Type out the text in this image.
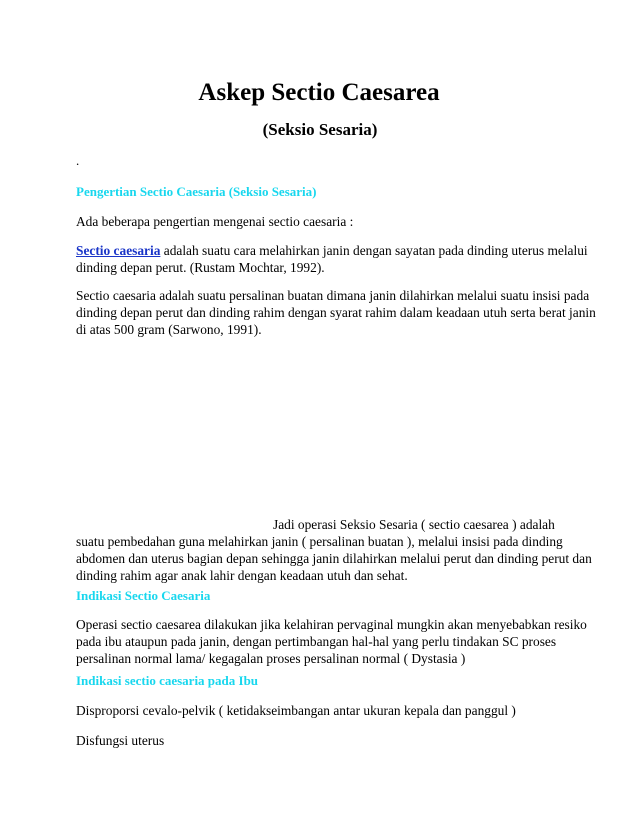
Askep Sectio Caesarea
(Seksio Sesaria)
.
Pengertian Sectio Caesaria (Seksio Sesaria)
Ada beberapa pengertian mengenai sectio caesaria :
Sectio caesaria adalah suatu cara melahirkan janin dengan sayatan pada dinding uterus melalui
dinding depan perut. (Rustam Mochtar, 1992).
Sectio caesaria adalah suatu persalinan buatan dimana janin dilahirkan melalui suatu insisi pada
dinding depan perut dan dinding rahim dengan syarat rahim dalam keadaan utuh serta berat janin
di atas 500 gram (Sarwono, 1991).
Jadi operasi Seksio Sesaria ( sectio caesarea ) adalah
suatu pembedahan guna melahirkan janin ( persalinan buatan ), melalui insisi pada dinding
abdomen dan uterus bagian depan sehingga janin dilahirkan melalui perut dan dinding perut dan
dinding rahim agar anak lahir dengan keadaan utuh dan sehat.
Indikasi Sectio Caesaria
Operasi sectio caesarea dilakukan jika kelahiran pervaginal mungkin akan menyebabkan resiko
pada ibu ataupun pada janin, dengan pertimbangan hal-hal yang perlu tindakan SC proses
persalinan normal lama/ kegagalan proses persalinan normal ( Dystasia )
Indikasi sectio caesaria pada Ibu
Disproporsi cevalo-pelvik ( ketidakseimbangan antar ukuran kepala dan panggul )
Disfungsi uterus
